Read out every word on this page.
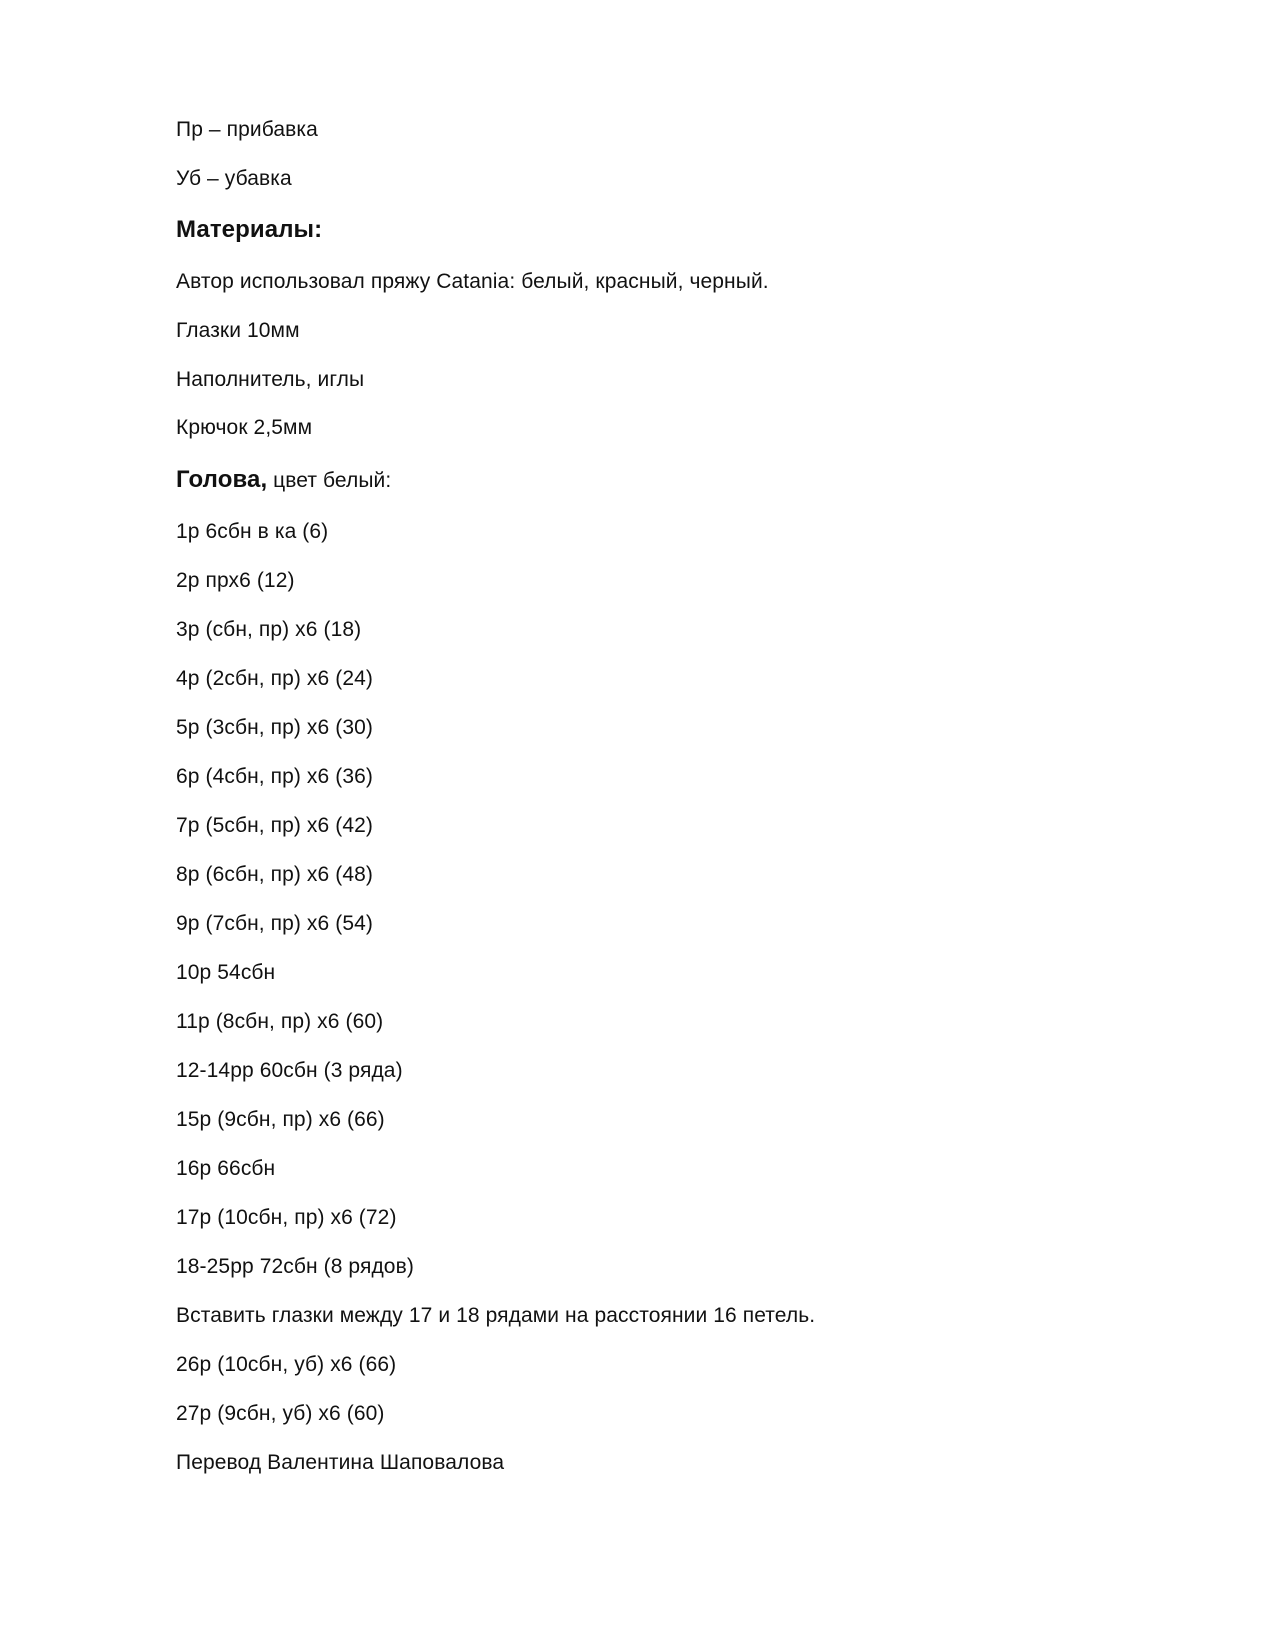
Пр – прибавка
Уб – убавка
Материалы:
Автор использовал пряжу Catania: белый, красный, черный.
Глазки 10мм
Наполнитель, иглы
Крючок 2,5мм
Голова, цвет белый:
1р 6сбн в ка (6)
2р прх6 (12)
3р (сбн, пр) х6 (18)
4р (2сбн, пр) х6 (24)
5р (3сбн, пр) х6 (30)
6р (4сбн, пр) х6 (36)
7р (5сбн, пр) х6 (42)
8р (6сбн, пр) х6 (48)
9р (7сбн, пр) х6 (54)
10р 54сбн
11р (8сбн, пр) х6 (60)
12-14рр 60сбн (3 ряда)
15р (9сбн, пр) х6 (66)
16р 66сбн
17р (10сбн, пр) х6 (72)
18-25рр 72сбн (8 рядов)
Вставить глазки между 17 и 18 рядами на расстоянии 16 петель.
26р (10сбн, уб) х6 (66)
27р (9сбн, уб) х6 (60)
Перевод Валентина Шаповалова
